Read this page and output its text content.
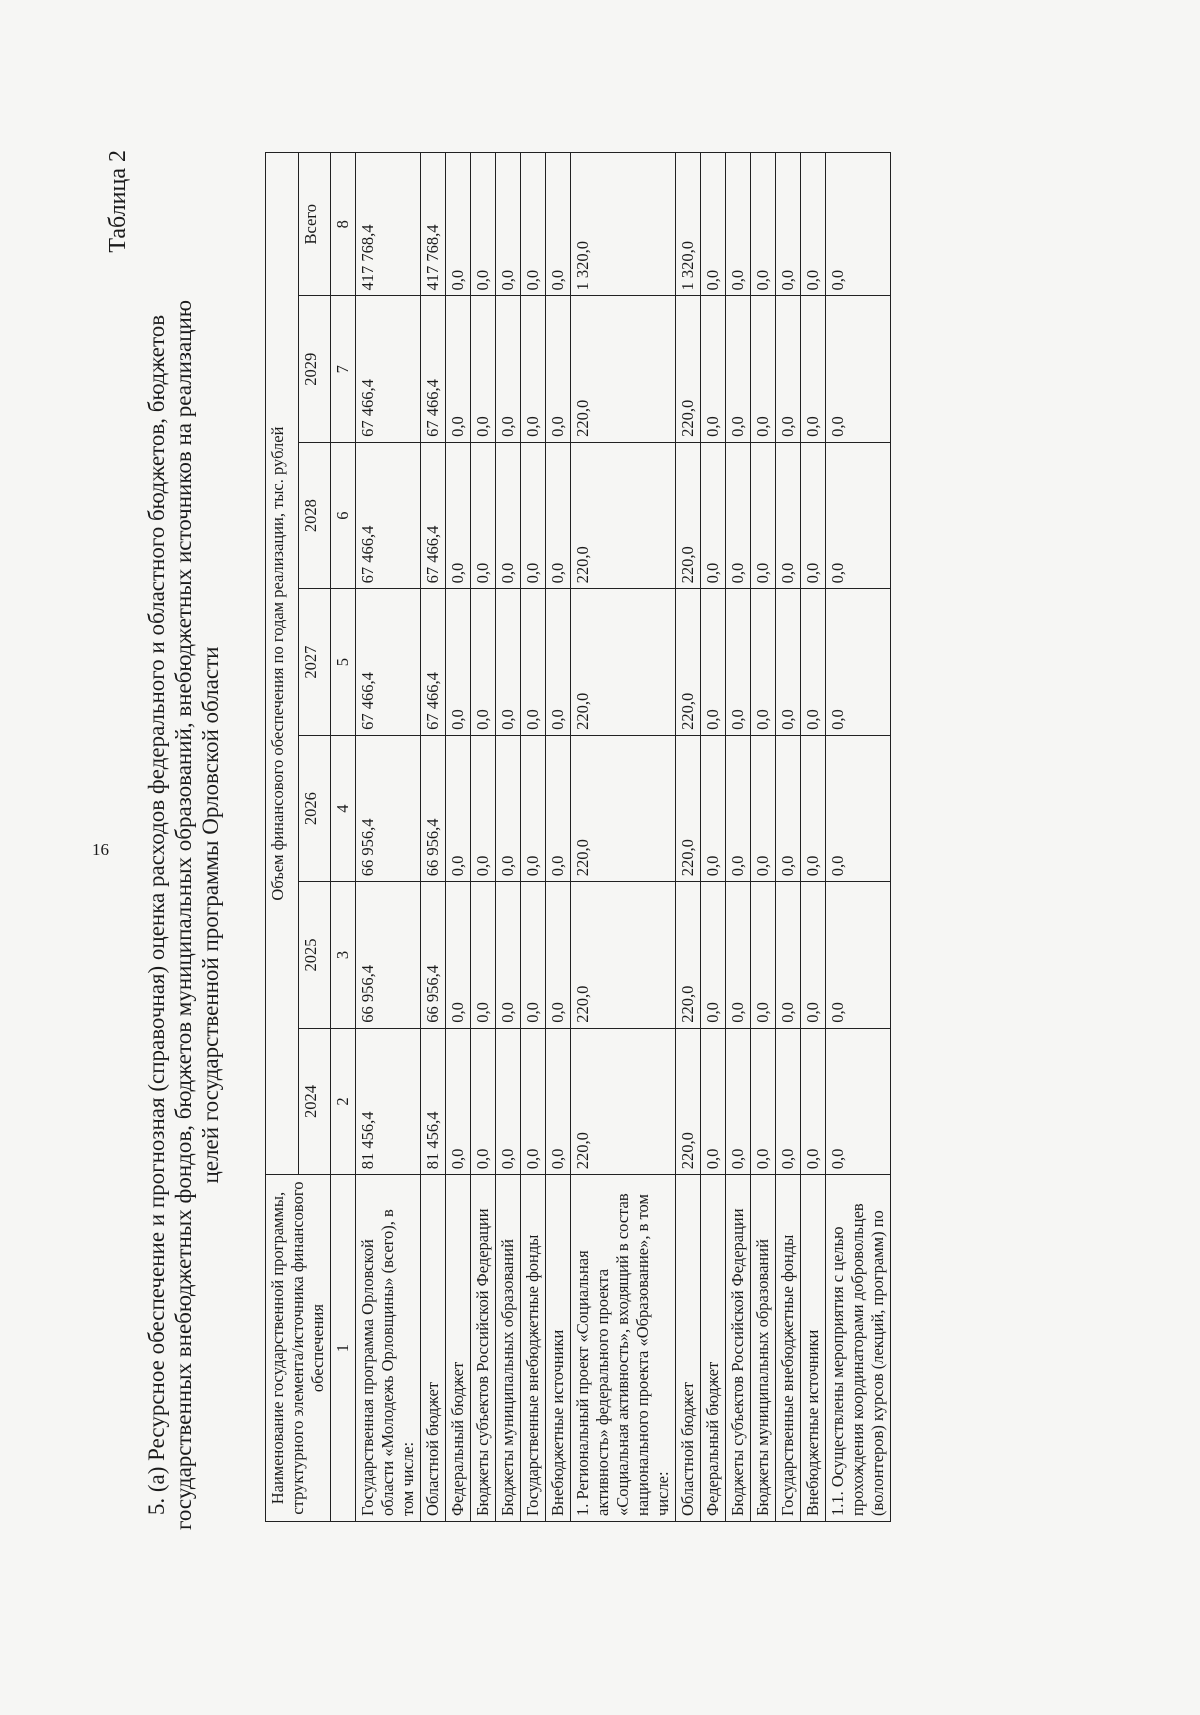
16
Таблица 2
5. (а) Ресурсное обеспечение и прогнозная (справочная) оценка расходов федерального и областного бюджетов, бюджетов государственных внебюджетных фондов, бюджетов муниципальных образований, внебюджетных источников на реализацию целей государственной программы Орловской области
Наименование государственной программы, структурного элемента/источника финансового обеспечения	Объем финансового обеспечения по годам реализации, тыс. рублей						
	2024	2025	2026	2027	2028	2029	Всего
1	2	3	4	5	6	7	8
Государственная программа Орловской области «Молодежь Орловщины» (всего), в том числе:	81 456,4	66 956,4	66 956,4	67 466,4	67 466,4	67 466,4	417 768,4
Областной бюджет	81 456,4	66 956,4	66 956,4	67 466,4	67 466,4	67 466,4	417 768,4
Федеральный бюджет	0,0	0,0	0,0	0,0	0,0	0,0	0,0
Бюджеты субъектов Российской Федерации	0,0	0,0	0,0	0,0	0,0	0,0	0,0
Бюджеты муниципальных образований	0,0	0,0	0,0	0,0	0,0	0,0	0,0
Государственные внебюджетные фонды	0,0	0,0	0,0	0,0	0,0	0,0	0,0
Внебюджетные источники	0,0	0,0	0,0	0,0	0,0	0,0	0,0
1. Региональный проект «Социальная активность» федерального проекта «Социальная активность», входящий в состав национального проекта «Образование», в том числе:	220,0	220,0	220,0	220,0	220,0	220,0	1 320,0
Областной бюджет	220,0	220,0	220,0	220,0	220,0	220,0	1 320,0
Федеральный бюджет	0,0	0,0	0,0	0,0	0,0	0,0	0,0
Бюджеты субъектов Российской Федерации	0,0	0,0	0,0	0,0	0,0	0,0	0,0
Бюджеты муниципальных образований	0,0	0,0	0,0	0,0	0,0	0,0	0,0
Государственные внебюджетные фонды	0,0	0,0	0,0	0,0	0,0	0,0	0,0
Внебюджетные источники	0,0	0,0	0,0	0,0	0,0	0,0	0,0
1.1. Осуществлены мероприятия с целью прохождения координаторами добровольцев (волонтеров) курсов (лекций, программ) по	0,0	0,0	0,0	0,0	0,0	0,0	0,0
